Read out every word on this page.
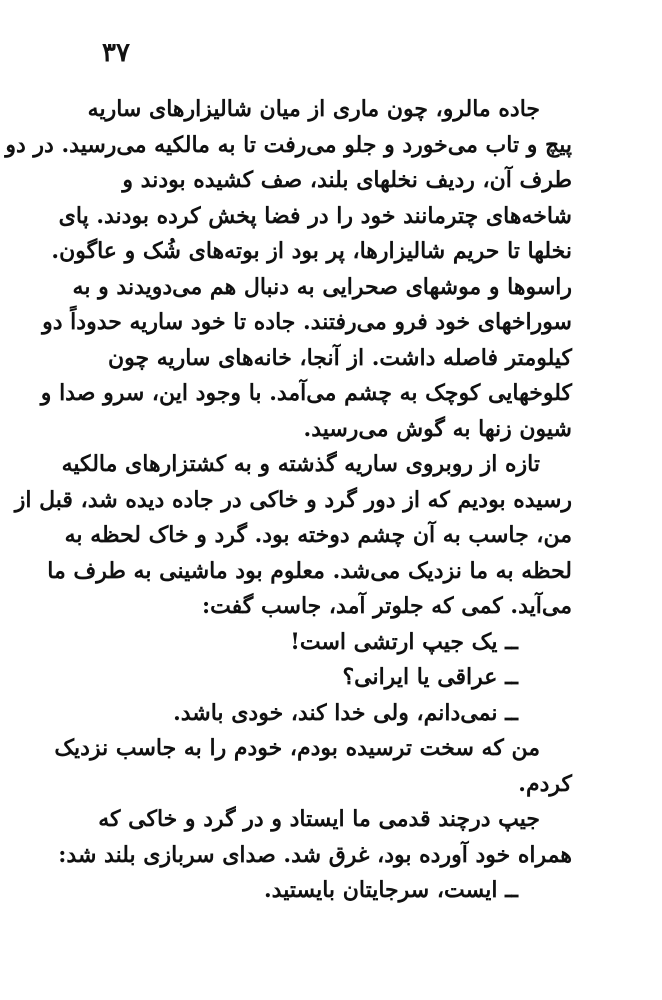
۳۷
جاده مالرو، چون ماری از میان شالیزارهای ساریه
پیچ و تاب می‌خورد و جلو می‌رفت تا به مالکیه می‌رسید. در دو
طرف آن، ردیف نخلهای بلند، صف کشیده بودند و
شاخه‌های چترمانند خود را در فضا پخش کرده بودند. پای
نخلها تا حریم شالیزارها، پر بود از بوته‌های شُک و عاگون.
راسوها و موشهای صحرایی به دنبال هم می‌دویدند و به
سوراخهای خود فرو می‌رفتند. جاده تا خود ساریه حدوداً دو
کیلومتر فاصله داشت. از آنجا، خانه‌های ساریه چون
کلوخهایی کوچک به چشم می‌آمد. با وجود این، سرو صدا و
شیون زنها به گوش می‌رسید.
تازه از روبروی ساریه گذشته و به کشتزارهای مالکیه
رسیده بودیم که از دور گرد و خاکی در جاده دیده شد، قبل از
من، جاسب به آن چشم دوخته بود. گرد و خاک لحظه به
لحظه به ما نزدیک می‌شد. معلوم بود ماشینی به طرف ما
می‌آید. کمی که جلوتر آمد، جاسب گفت:
ــ یک جیپ ارتشی است!
ــ عراقی یا ایرانی؟
ــ نمی‌دانم، ولی خدا کند، خودی باشد.
من که سخت ترسیده بودم، خودم را به جاسب نزدیک
کردم.
جیپ درچند قدمی ما ایستاد و در گرد و خاکی که
همراه خود آورده بود، غرق شد. صدای سربازی بلند شد:
ــ ایست، سرجایتان بایستید.
